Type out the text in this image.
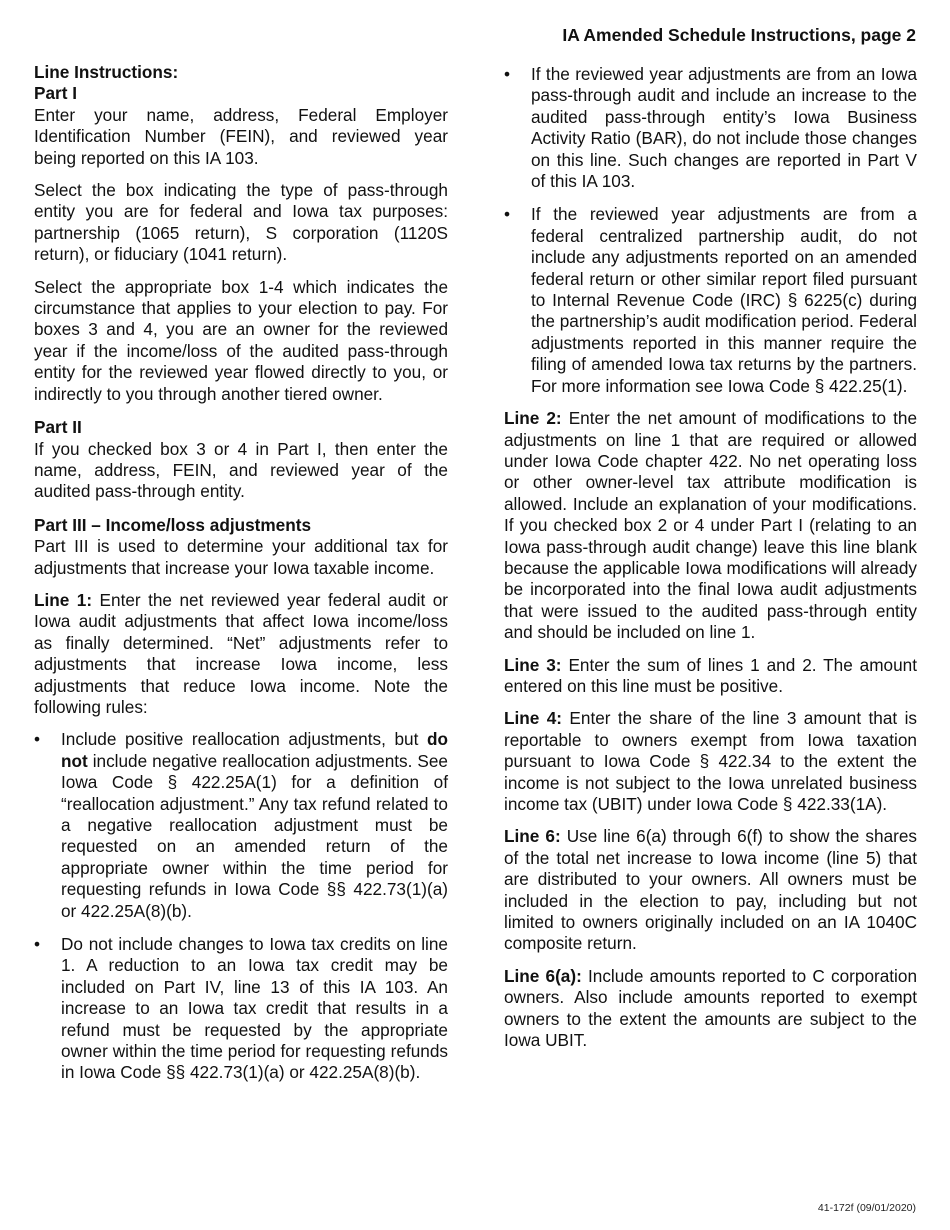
IA Amended Schedule Instructions, page 2
Line Instructions:
Part I

Enter your name, address, Federal Employer Identification Number (FEIN), and reviewed year being reported on this IA 103.

Select the box indicating the type of pass-through entity you are for federal and Iowa tax purposes: partnership (1065 return), S corporation (1120S return), or fiduciary (1041 return).

Select the appropriate box 1-4 which indicates the circumstance that applies to your election to pay. For boxes 3 and 4, you are an owner for the reviewed year if the income/loss of the audited pass-through entity for the reviewed year flowed directly to you, or indirectly to you through another tiered owner.

Part II

If you checked box 3 or 4 in Part I, then enter the name, address, FEIN, and reviewed year of the audited pass-through entity.

Part III – Income/loss adjustments

Part III is used to determine your additional tax for adjustments that increase your Iowa taxable income.

Line 1: Enter the net reviewed year federal audit or Iowa audit adjustments that affect Iowa income/loss as finally determined. “Net” adjustments refer to adjustments that increase Iowa income, less adjustments that reduce Iowa income. Note the following rules:

•	Include positive reallocation adjustments, but do not include negative reallocation adjustments. See Iowa Code § 422.25A(1) for a definition of “reallocation adjustment.” Any tax refund related to a negative reallocation adjustment must be requested on an amended return of the appropriate owner within the time period for requesting refunds in Iowa Code §§ 422.73(1)(a) or 422.25A(8)(b).
•	Do not include changes to Iowa tax credits on line 1. A reduction to an Iowa tax credit may be included on Part IV, line 13 of this IA 103. An increase to an Iowa tax credit that results in a refund must be requested by the appropriate owner within the time period for requesting refunds in Iowa Code §§ 422.73(1)(a) or 422.25A(8)(b).
•	If the reviewed year adjustments are from an Iowa pass-through audit and include an increase to the audited pass-through entity’s Iowa Business Activity Ratio (BAR), do not include those changes on this line. Such changes are reported in Part V of this IA 103.
•	If the reviewed year adjustments are from a federal centralized partnership audit, do not include any adjustments reported on an amended federal return or other similar report filed pursuant to Internal Revenue Code (IRC) § 6225(c) during the partnership’s audit modification period. Federal adjustments reported in this manner require the filing of amended Iowa tax returns by the partners. For more information see Iowa Code § 422.25(1).

Line 2: Enter the net amount of modifications to the adjustments on line 1 that are required or allowed under Iowa Code chapter 422. No net operating loss or other owner-level tax attribute modification is allowed. Include an explanation of your modifications. If you checked box 2 or 4 under Part I (relating to an Iowa pass-through audit change) leave this line blank because the applicable Iowa modifications will already be incorporated into the final Iowa audit adjustments that were issued to the audited pass-through entity and should be included on line 1.

Line 3: Enter the sum of lines 1 and 2. The amount entered on this line must be positive.

Line 4: Enter the share of the line 3 amount that is reportable to owners exempt from Iowa taxation pursuant to Iowa Code § 422.34 to the extent the income is not subject to the Iowa unrelated business income tax (UBIT) under Iowa Code § 422.33(1A).

Line 6: Use line 6(a) through 6(f) to show the shares of the total net increase to Iowa income (line 5) that are distributed to your owners. All owners must be included in the election to pay, including but not limited to owners originally included on an IA 1040C composite return.

Line 6(a): Include amounts reported to C corporation owners. Also include amounts reported to exempt owners to the extent the amounts are subject to the Iowa UBIT.

41-172f (09/01/2020)
